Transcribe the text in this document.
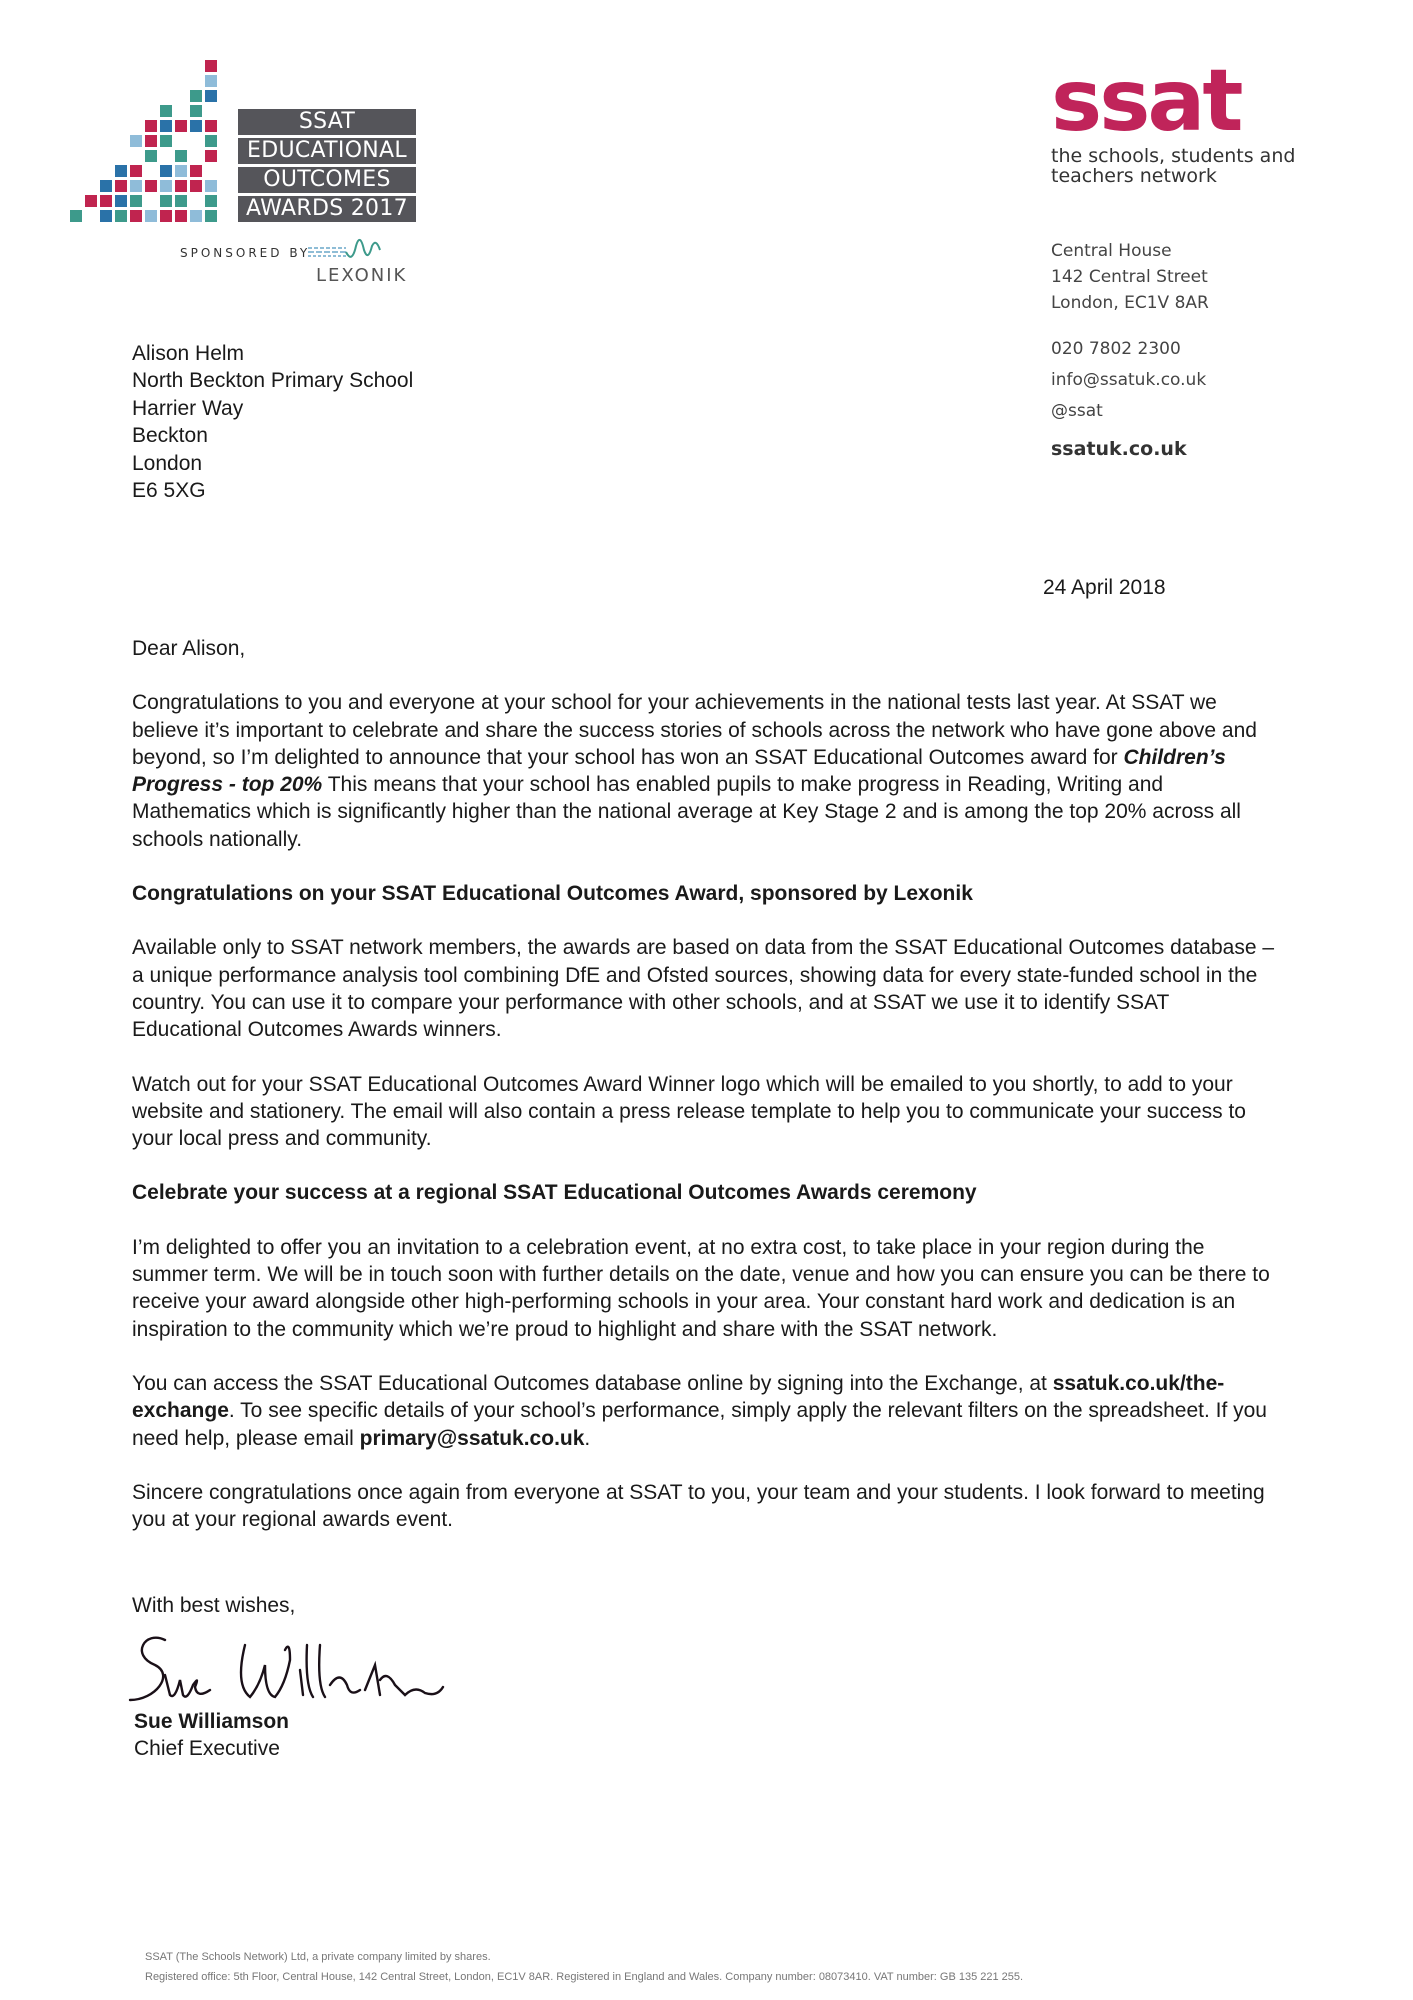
SSAT
EDUCATIONAL
OUTCOMES
AWARDS 2017
SPONSORED BY
LEXONIK
ssat
the schools, students and
teachers network
Central House
142 Central Street
London, EC1V 8AR
020 7802 2300
info@ssatuk.co.uk
@ssat
ssatuk.co.uk
Alison Helm
North Beckton Primary School
Harrier Way
Beckton
London
E6 5XG
24 April 2018

Dear Alison,

Congratulations to you and everyone at your school for your achievements in the national tests last year. At SSAT we believe it’s important to celebrate and share the success stories of schools across the network who have gone above and beyond, so I’m delighted to announce that your school has won an SSAT Educational Outcomes award for Children’s Progress - top 20% This means that your school has enabled pupils to make progress in Reading, Writing and Mathematics which is significantly higher than the national average at Key Stage 2 and is among the top 20% across all schools nationally.

Congratulations on your SSAT Educational Outcomes Award, sponsored by Lexonik

Available only to SSAT network members, the awards are based on data from the SSAT Educational Outcomes database – a unique performance analysis tool combining DfE and Ofsted sources, showing data for every state-funded school in the country. You can use it to compare your performance with other schools, and at SSAT we use it to identify SSAT Educational Outcomes Awards winners.

Watch out for your SSAT Educational Outcomes Award Winner logo which will be emailed to you shortly, to add to your website and stationery. The email will also contain a press release template to help you to communicate your success to your local press and community.

Celebrate your success at a regional SSAT Educational Outcomes Awards ceremony

I’m delighted to offer you an invitation to a celebration event, at no extra cost, to take place in your region during the summer term. We will be in touch soon with further details on the date, venue and how you can ensure you can be there to receive your award alongside other high-performing schools in your area. Your constant hard work and dedication is an inspiration to the community which we’re proud to highlight and share with the SSAT network.

You can access the SSAT Educational Outcomes database online by signing into the Exchange, at ssatuk.co.uk/the-exchange. To see specific details of your school’s performance, simply apply the relevant filters on the spreadsheet. If you need help, please email primary@ssatuk.co.uk.

Sincere congratulations once again from everyone at SSAT to you, your team and your students. I look forward to meeting you at your regional awards event.

With best wishes,
Sue Williamson
Chief Executive
SSAT (The Schools Network) Ltd, a private company limited by shares.
Registered office: 5th Floor, Central House, 142 Central Street, London, EC1V 8AR. Registered in England and Wales. Company number: 08073410. VAT number: GB 135 221 255.
